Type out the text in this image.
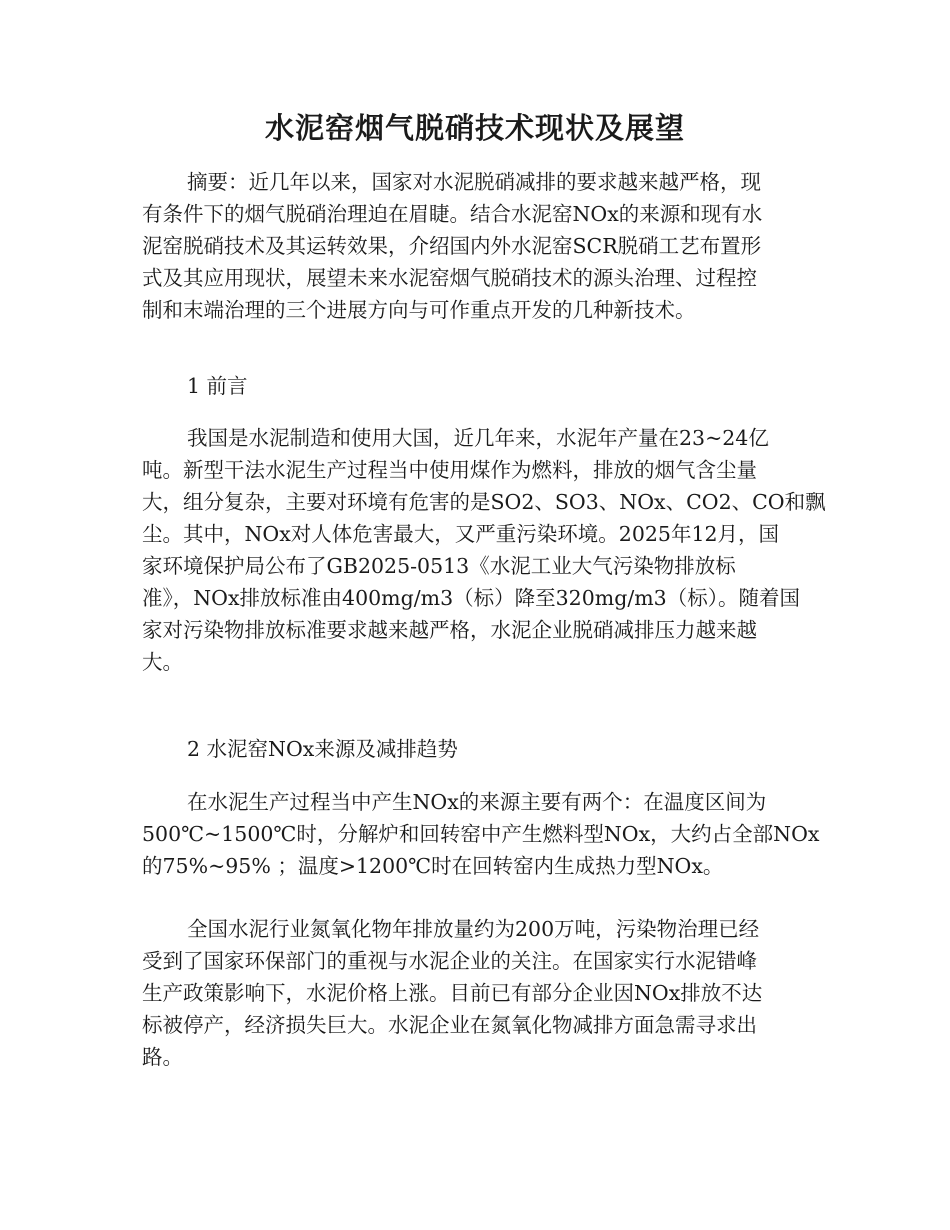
水泥窑烟气脱硝技术现状及展望
摘要：近几年以来，国家对水泥脱硝减排的要求越来越严格，现
有条件下的烟气脱硝治理迫在眉睫。结合水泥窑NOx的来源和现有水
泥窑脱硝技术及其运转效果，介绍国内外水泥窑SCR脱硝工艺布置形
式及其应用现状，展望未来水泥窑烟气脱硝技术的源头治理、过程控
制和末端治理的三个进展方向与可作重点开发的几种新技术。
1 前言
我国是水泥制造和使用大国，近几年来，水泥年产量在23~24亿
吨。新型干法水泥生产过程当中使用煤作为燃料，排放的烟气含尘量
大，组分复杂，主要对环境有危害的是SO2、SO3、NOx、CO2、CO和飘
尘。其中，NOx对人体危害最大，又严重污染环境。2025年12月，国
家环境保护局公布了GB2025-0513《水泥工业大气污染物排放标
准》，NOx排放标准由400mg/m3（标）降至320mg/m3（标）。随着国
家对污染物排放标准要求越来越严格，水泥企业脱硝减排压力越来越
大。
2 水泥窑NOx来源及减排趋势
在水泥生产过程当中产生NOx的来源主要有两个：在温度区间为
500℃~1500℃时，分解炉和回转窑中产生燃料型NOx，大约占全部NOx
的75%~95% ；温度>1200℃时在回转窑内生成热力型NOx。
全国水泥行业氮氧化物年排放量约为200万吨，污染物治理已经
受到了国家环保部门的重视与水泥企业的关注。在国家实行水泥错峰
生产政策影响下，水泥价格上涨。目前已有部分企业因NOx排放不达
标被停产，经济损失巨大。水泥企业在氮氧化物减排方面急需寻求出
路。
